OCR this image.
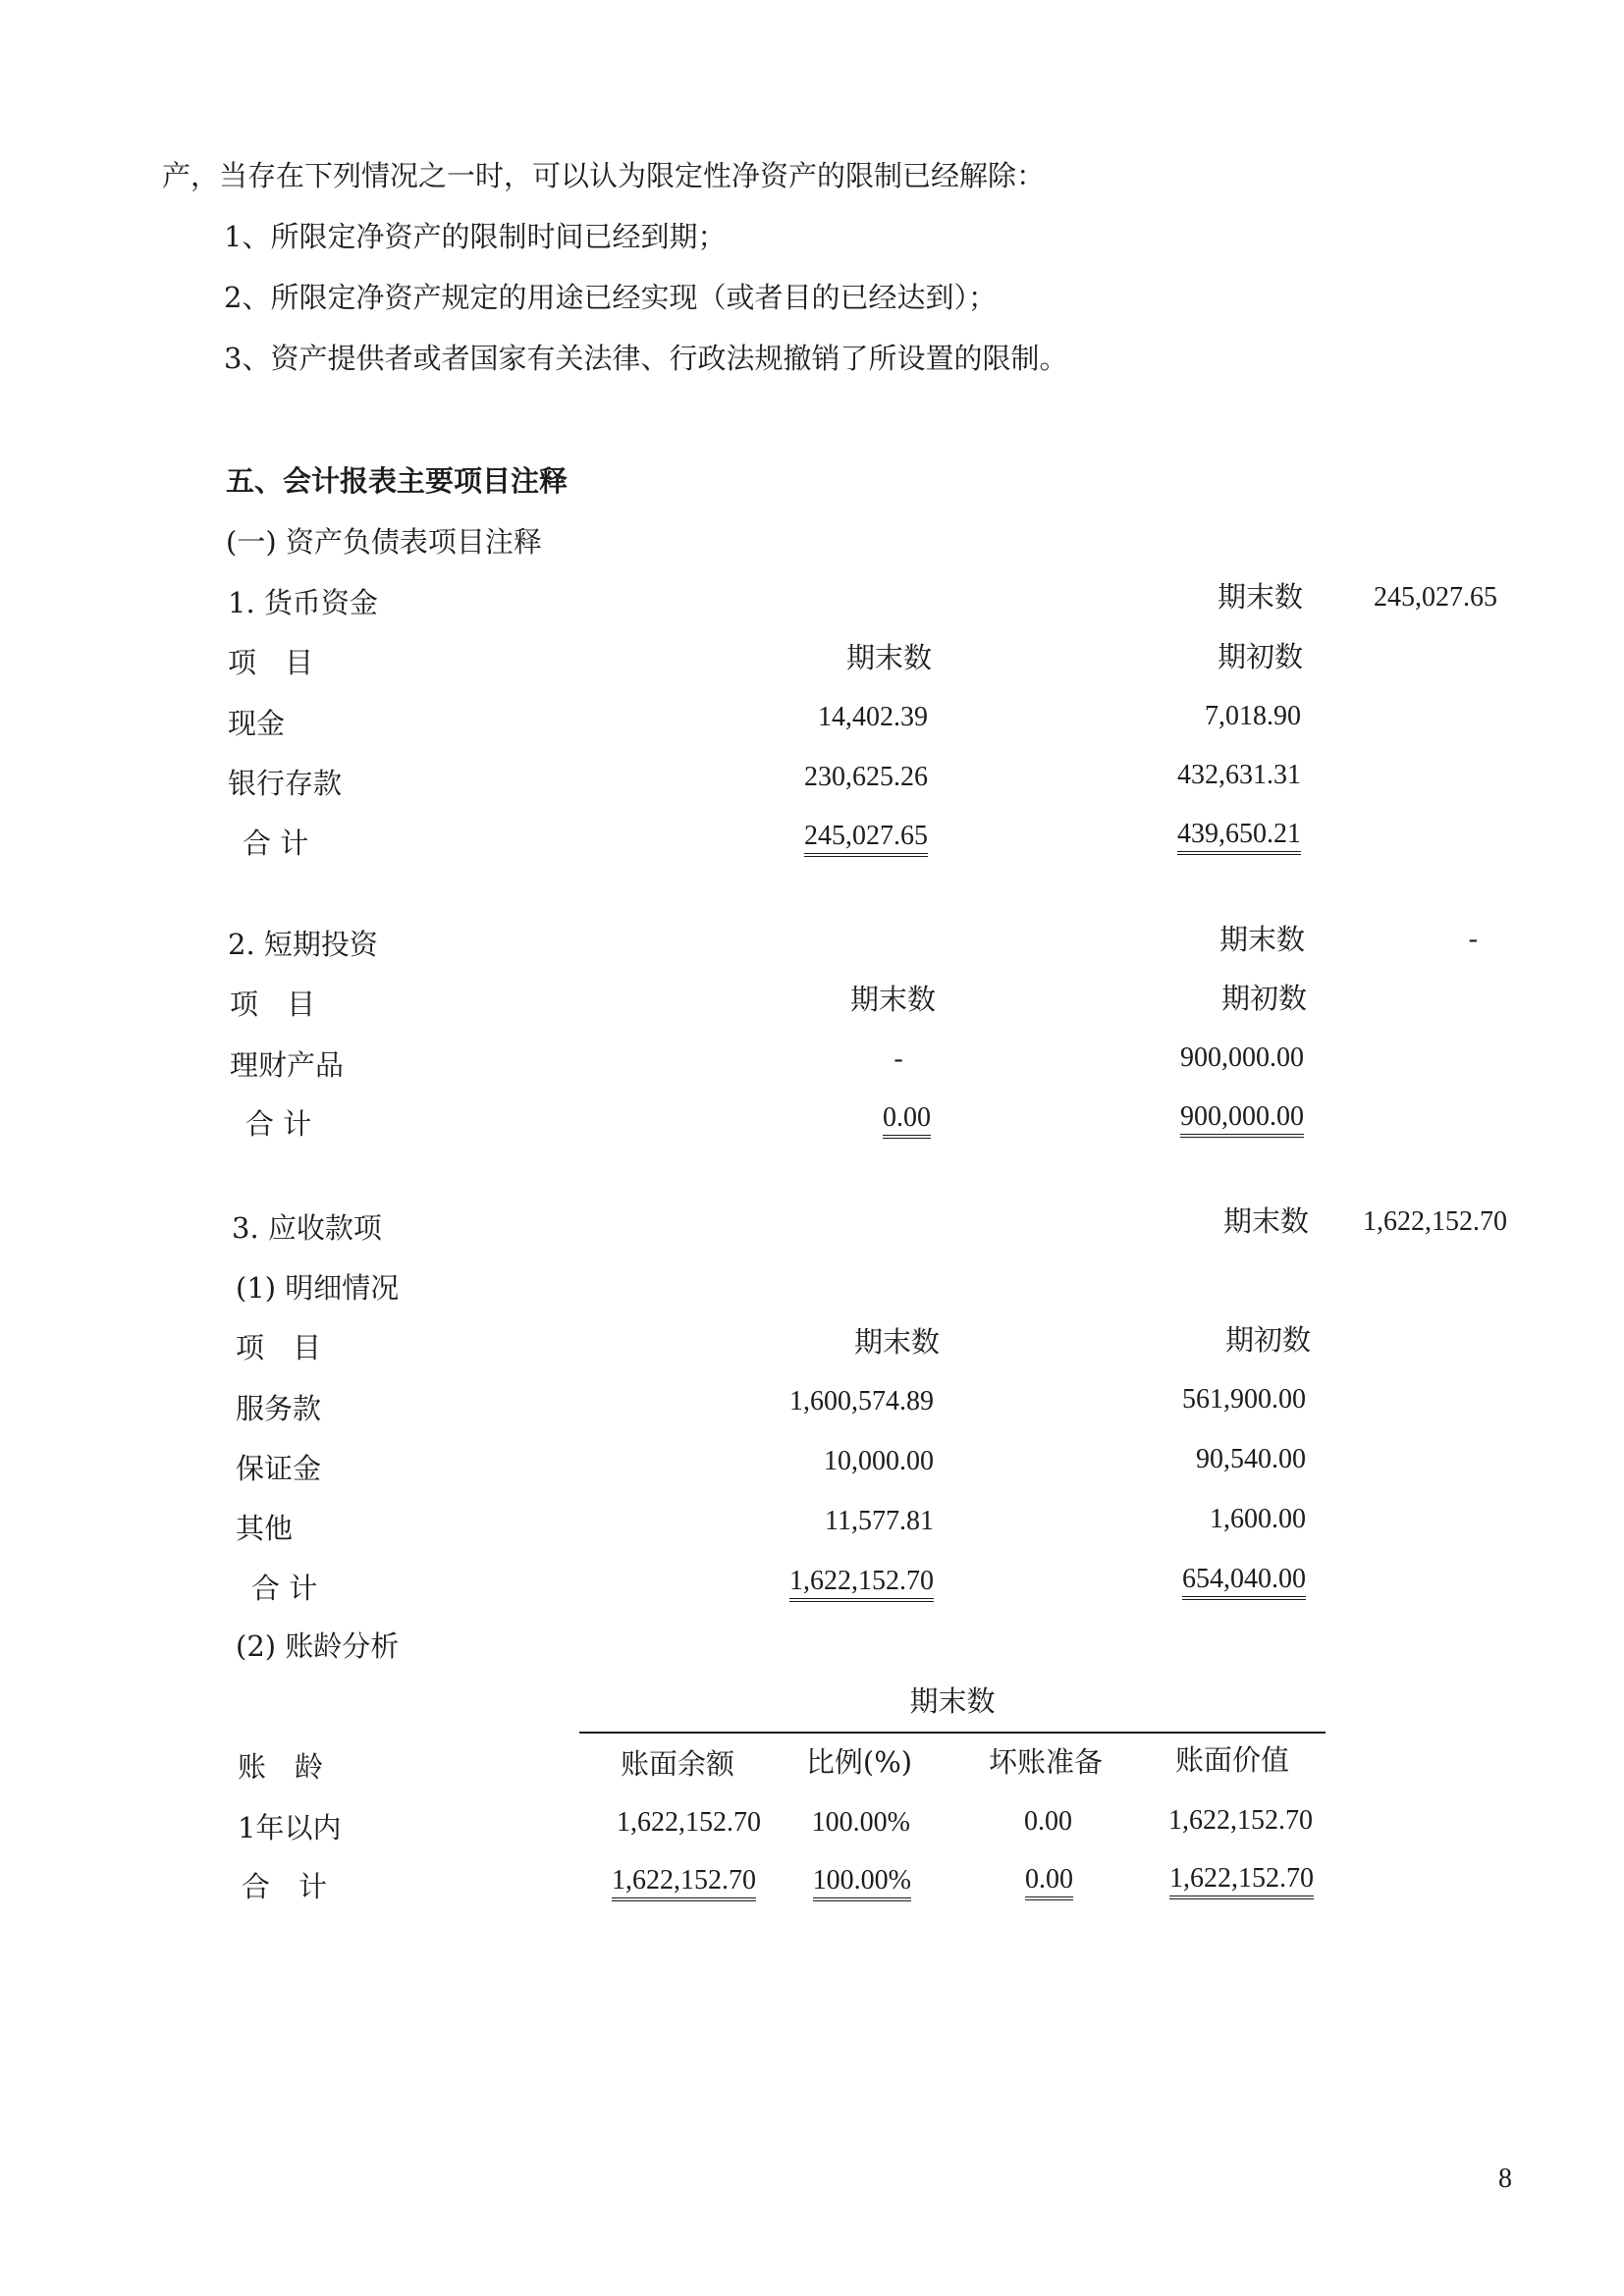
产，当存在下列情况之一时，可以认为限定性净资产的限制已经解除：
1、所限定净资产的限制时间已经到期；
2、所限定净资产规定的用途已经实现（或者目的已经达到）；
3、资产提供者或者国家有关法律、行政法规撤销了所设置的限制。
五、会计报表主要项目注释
(一) 资产负债表项目注释
1. 货币资金	期末数	245,027.65
项　目	期末数	期初数
现金	14,402.39	7,018.90
银行存款	230,625.26	432,631.31
合 计	245,027.65	439,650.21
2. 短期投资	期末数	-
项　目	期末数	期初数
理财产品	-	900,000.00
合 计	0.00	900,000.00
3. 应收款项	期末数	1,622,152.70
(1) 明细情况
项　目	期末数	期初数
服务款	1,600,574.89	561,900.00
保证金	10,000.00	90,540.00
其他	11,577.81	1,600.00
合 计	1,622,152.70	654,040.00
(2) 账龄分析
期末数
账　龄	账面余额	比例(%)	坏账准备	账面价值
1年以内	1,622,152.70	100.00%	0.00	1,622,152.70
合　计	1,622,152.70	100.00%	0.00	1,622,152.70
8
